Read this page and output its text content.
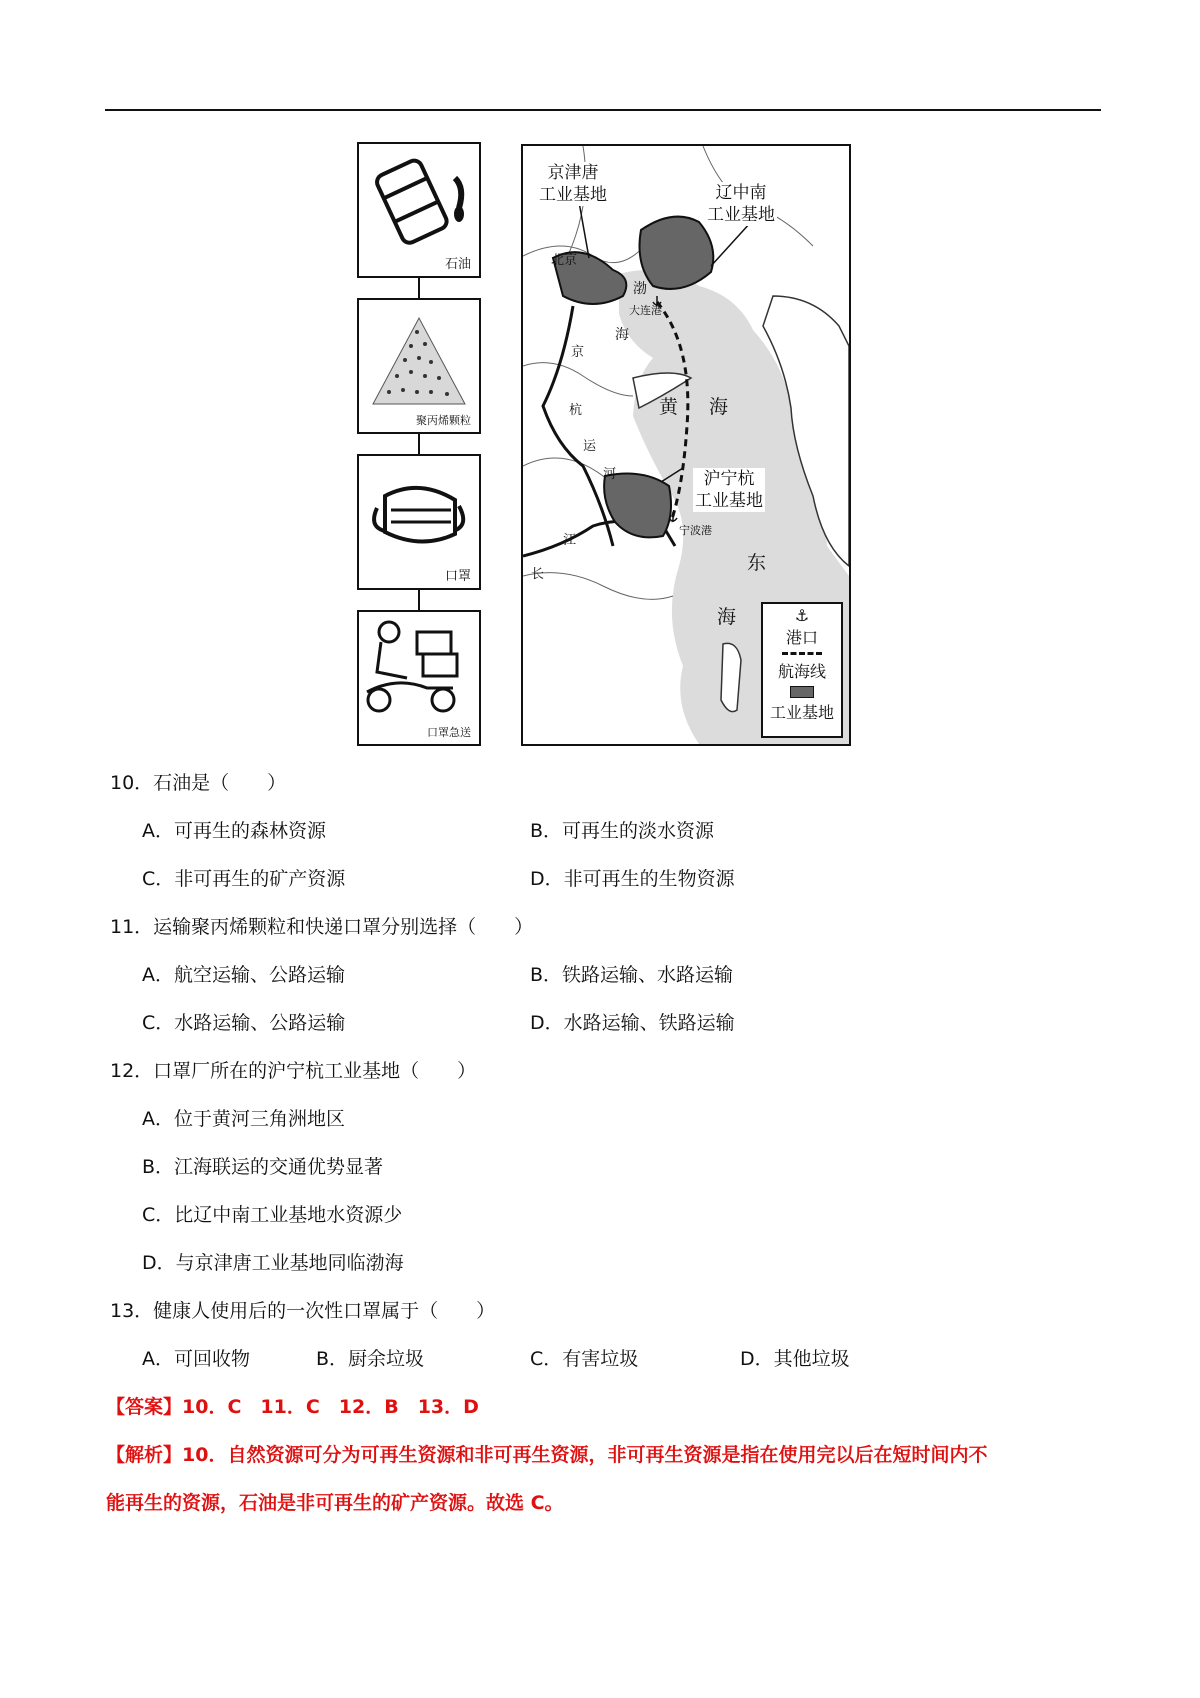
石油
聚丙烯颗粒
口罩
口罩急送
京津唐
工业基地	辽中南
工业基地
沪宁杭
工业基地
北京
渤
海
大连港
宁波港
黄 海
东
海
京
杭
运
河
长
江
⚓
港口
航海线
工业基地
10．石油是（　　）
A．可再生的森林资源	B．可再生的淡水资源
C．非可再生的矿产资源	D．非可再生的生物资源
11．运输聚丙烯颗粒和快递口罩分别选择（　　）
A．航空运输、公路运输	B．铁路运输、水路运输
C．水路运输、公路运输	D．水路运输、铁路运输
12．口罩厂所在的沪宁杭工业基地（　　）
A．位于黄河三角洲地区
B．江海联运的交通优势显著
C．比辽中南工业基地水资源少
D．与京津唐工业基地同临渤海
13．健康人使用后的一次性口罩属于（　　）
A．可回收物	B．厨余垃圾	C．有害垃圾	D．其他垃圾
【答案】10．C　11．C　12．B　13．D
【解析】10．自然资源可分为可再生资源和非可再生资源，非可再生资源是指在使用完以后在短时间内不
能再生的资源，石油是非可再生的矿产资源。故选 C。
